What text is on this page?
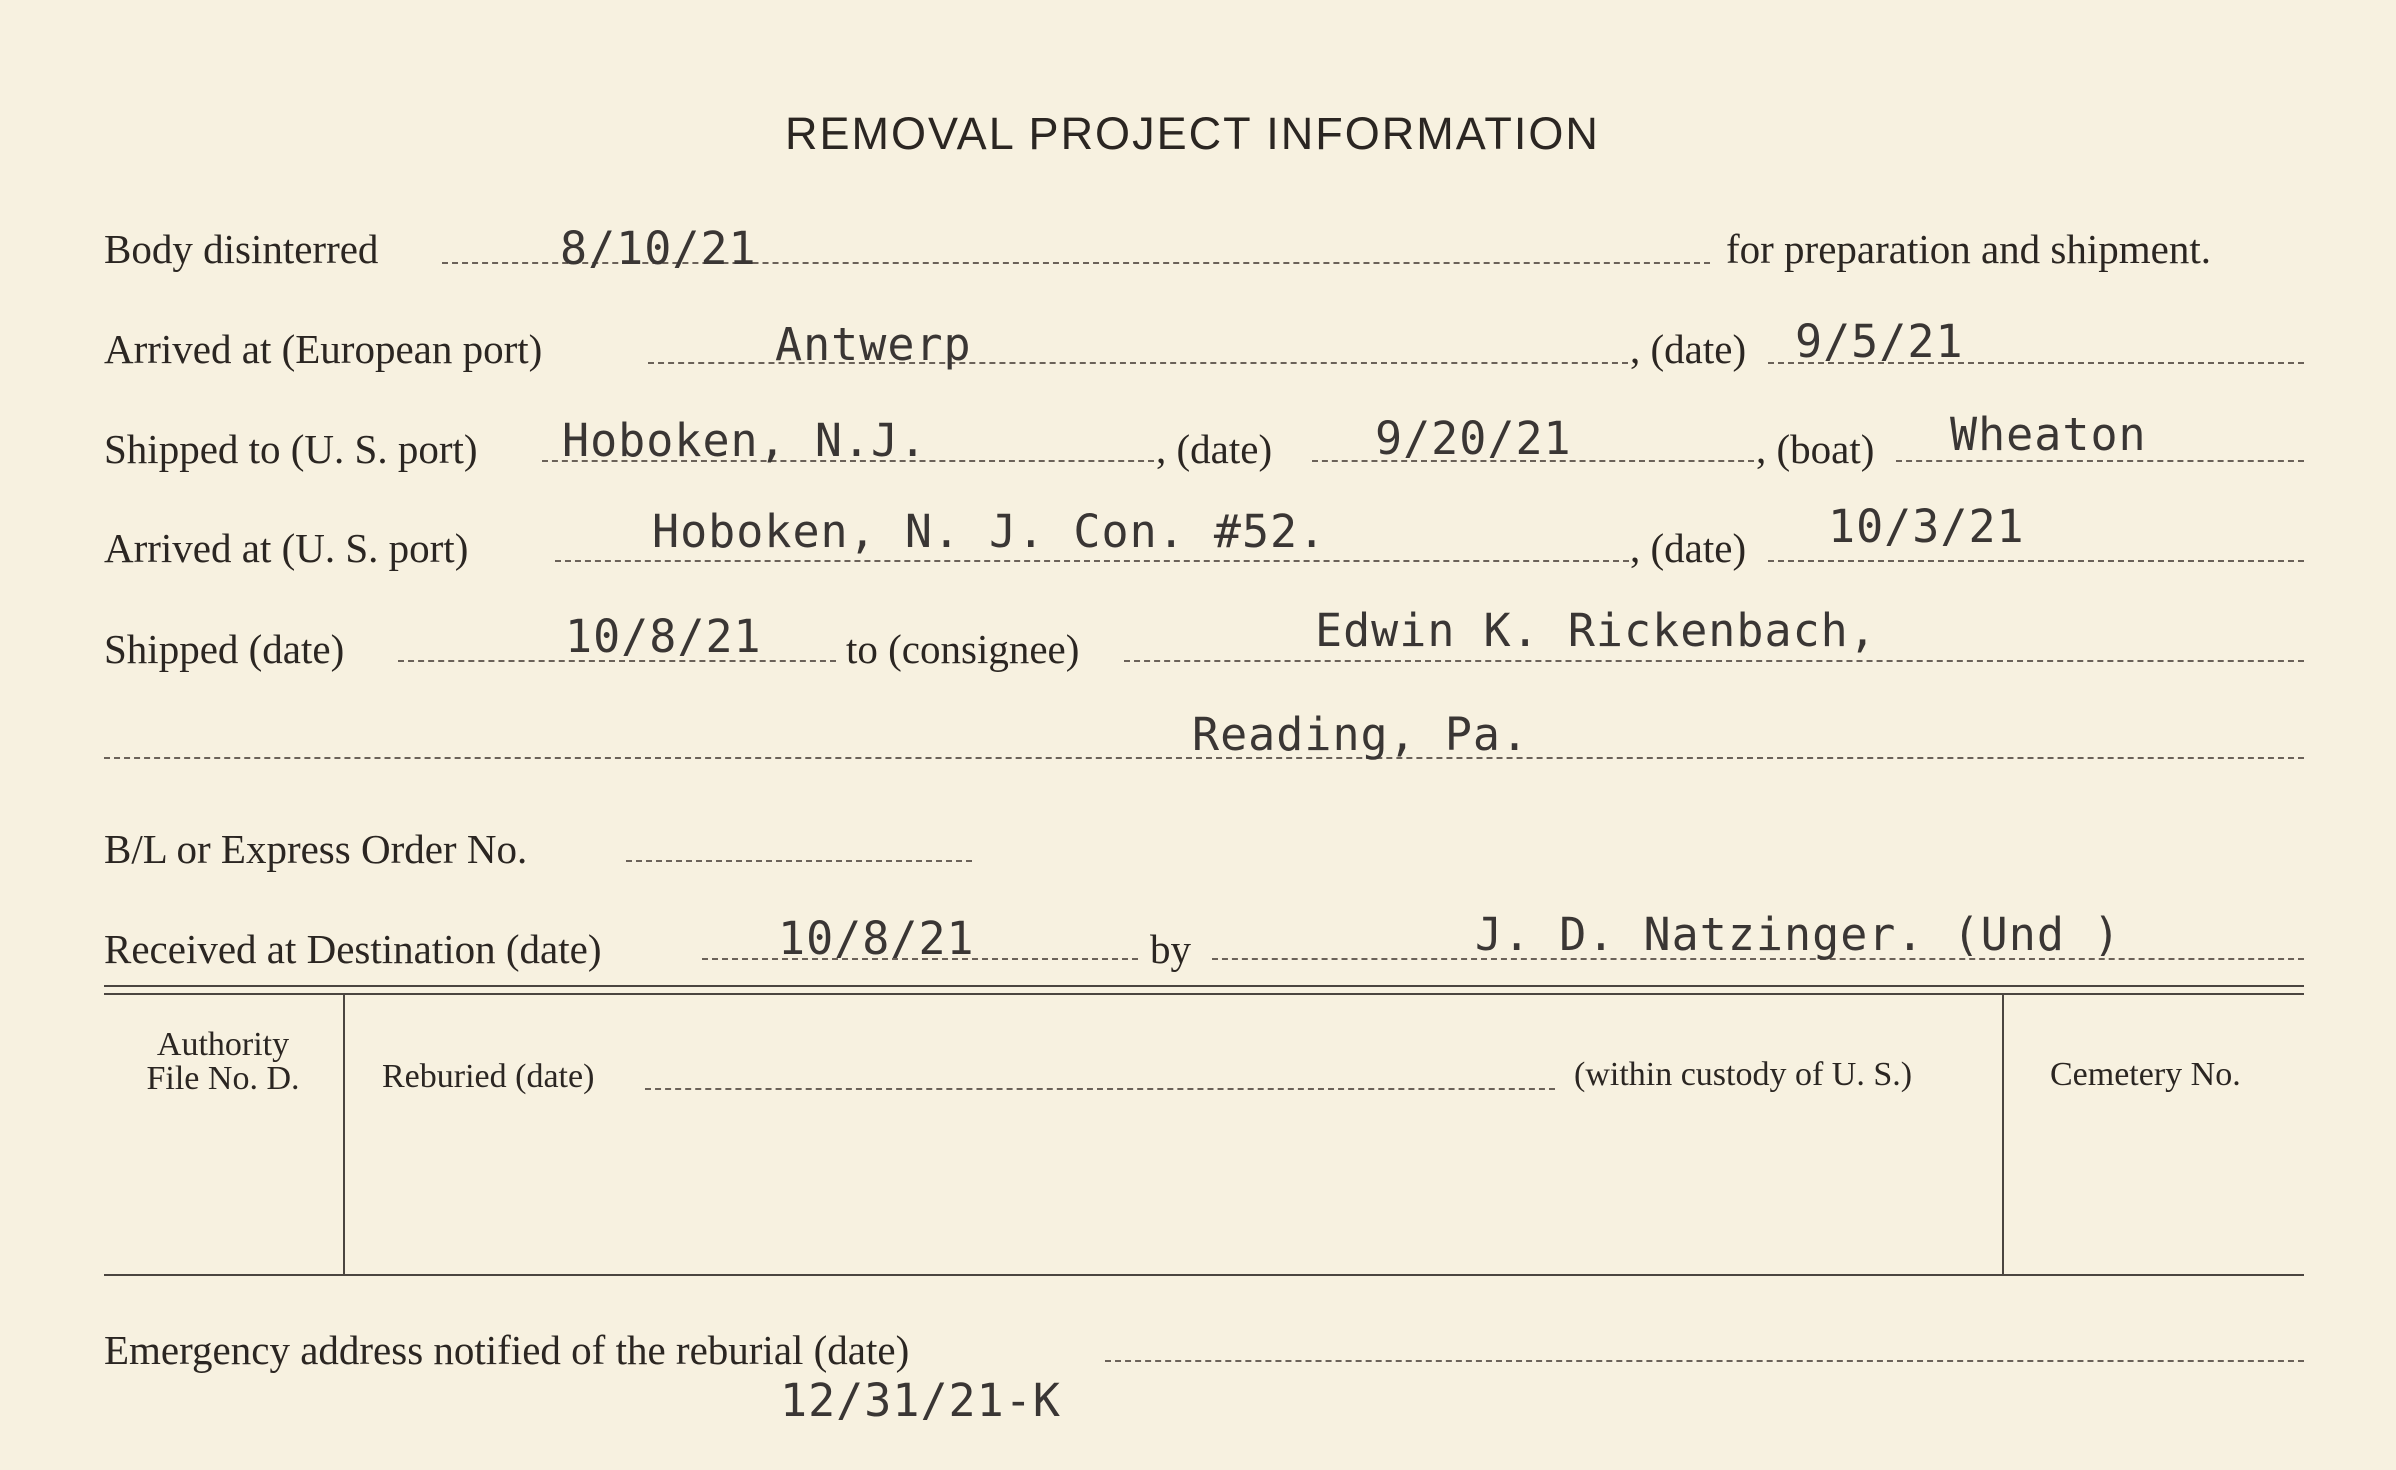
REMOVAL PROJECT INFORMATION
Body disinterred	8/10/21	for preparation and shipment.
Arrived at (European port)	Antwerp	, (date) 9/5/21
Shipped to (U. S. port) Hoboken, N.J.	, (date) 9/20/21	, (boat) Wheaton
Arrived at (U. S. port)	Hoboken, N. J. Con. #52.	, (date) 10/3/21
Shipped (date)	10/8/21 to (consignee)	Edwin K. Rickenbach,
Reading, Pa.
B/L or Express Order No.
Received at Destination (date)	10/8/21	by	J. D. Natzinger. (Und )
Authority
File No. D.	Reburied (date)	(within custody of U. S.)	Cemetery No.
Emergency address notified of the reburial (date)
12/31/21-K
